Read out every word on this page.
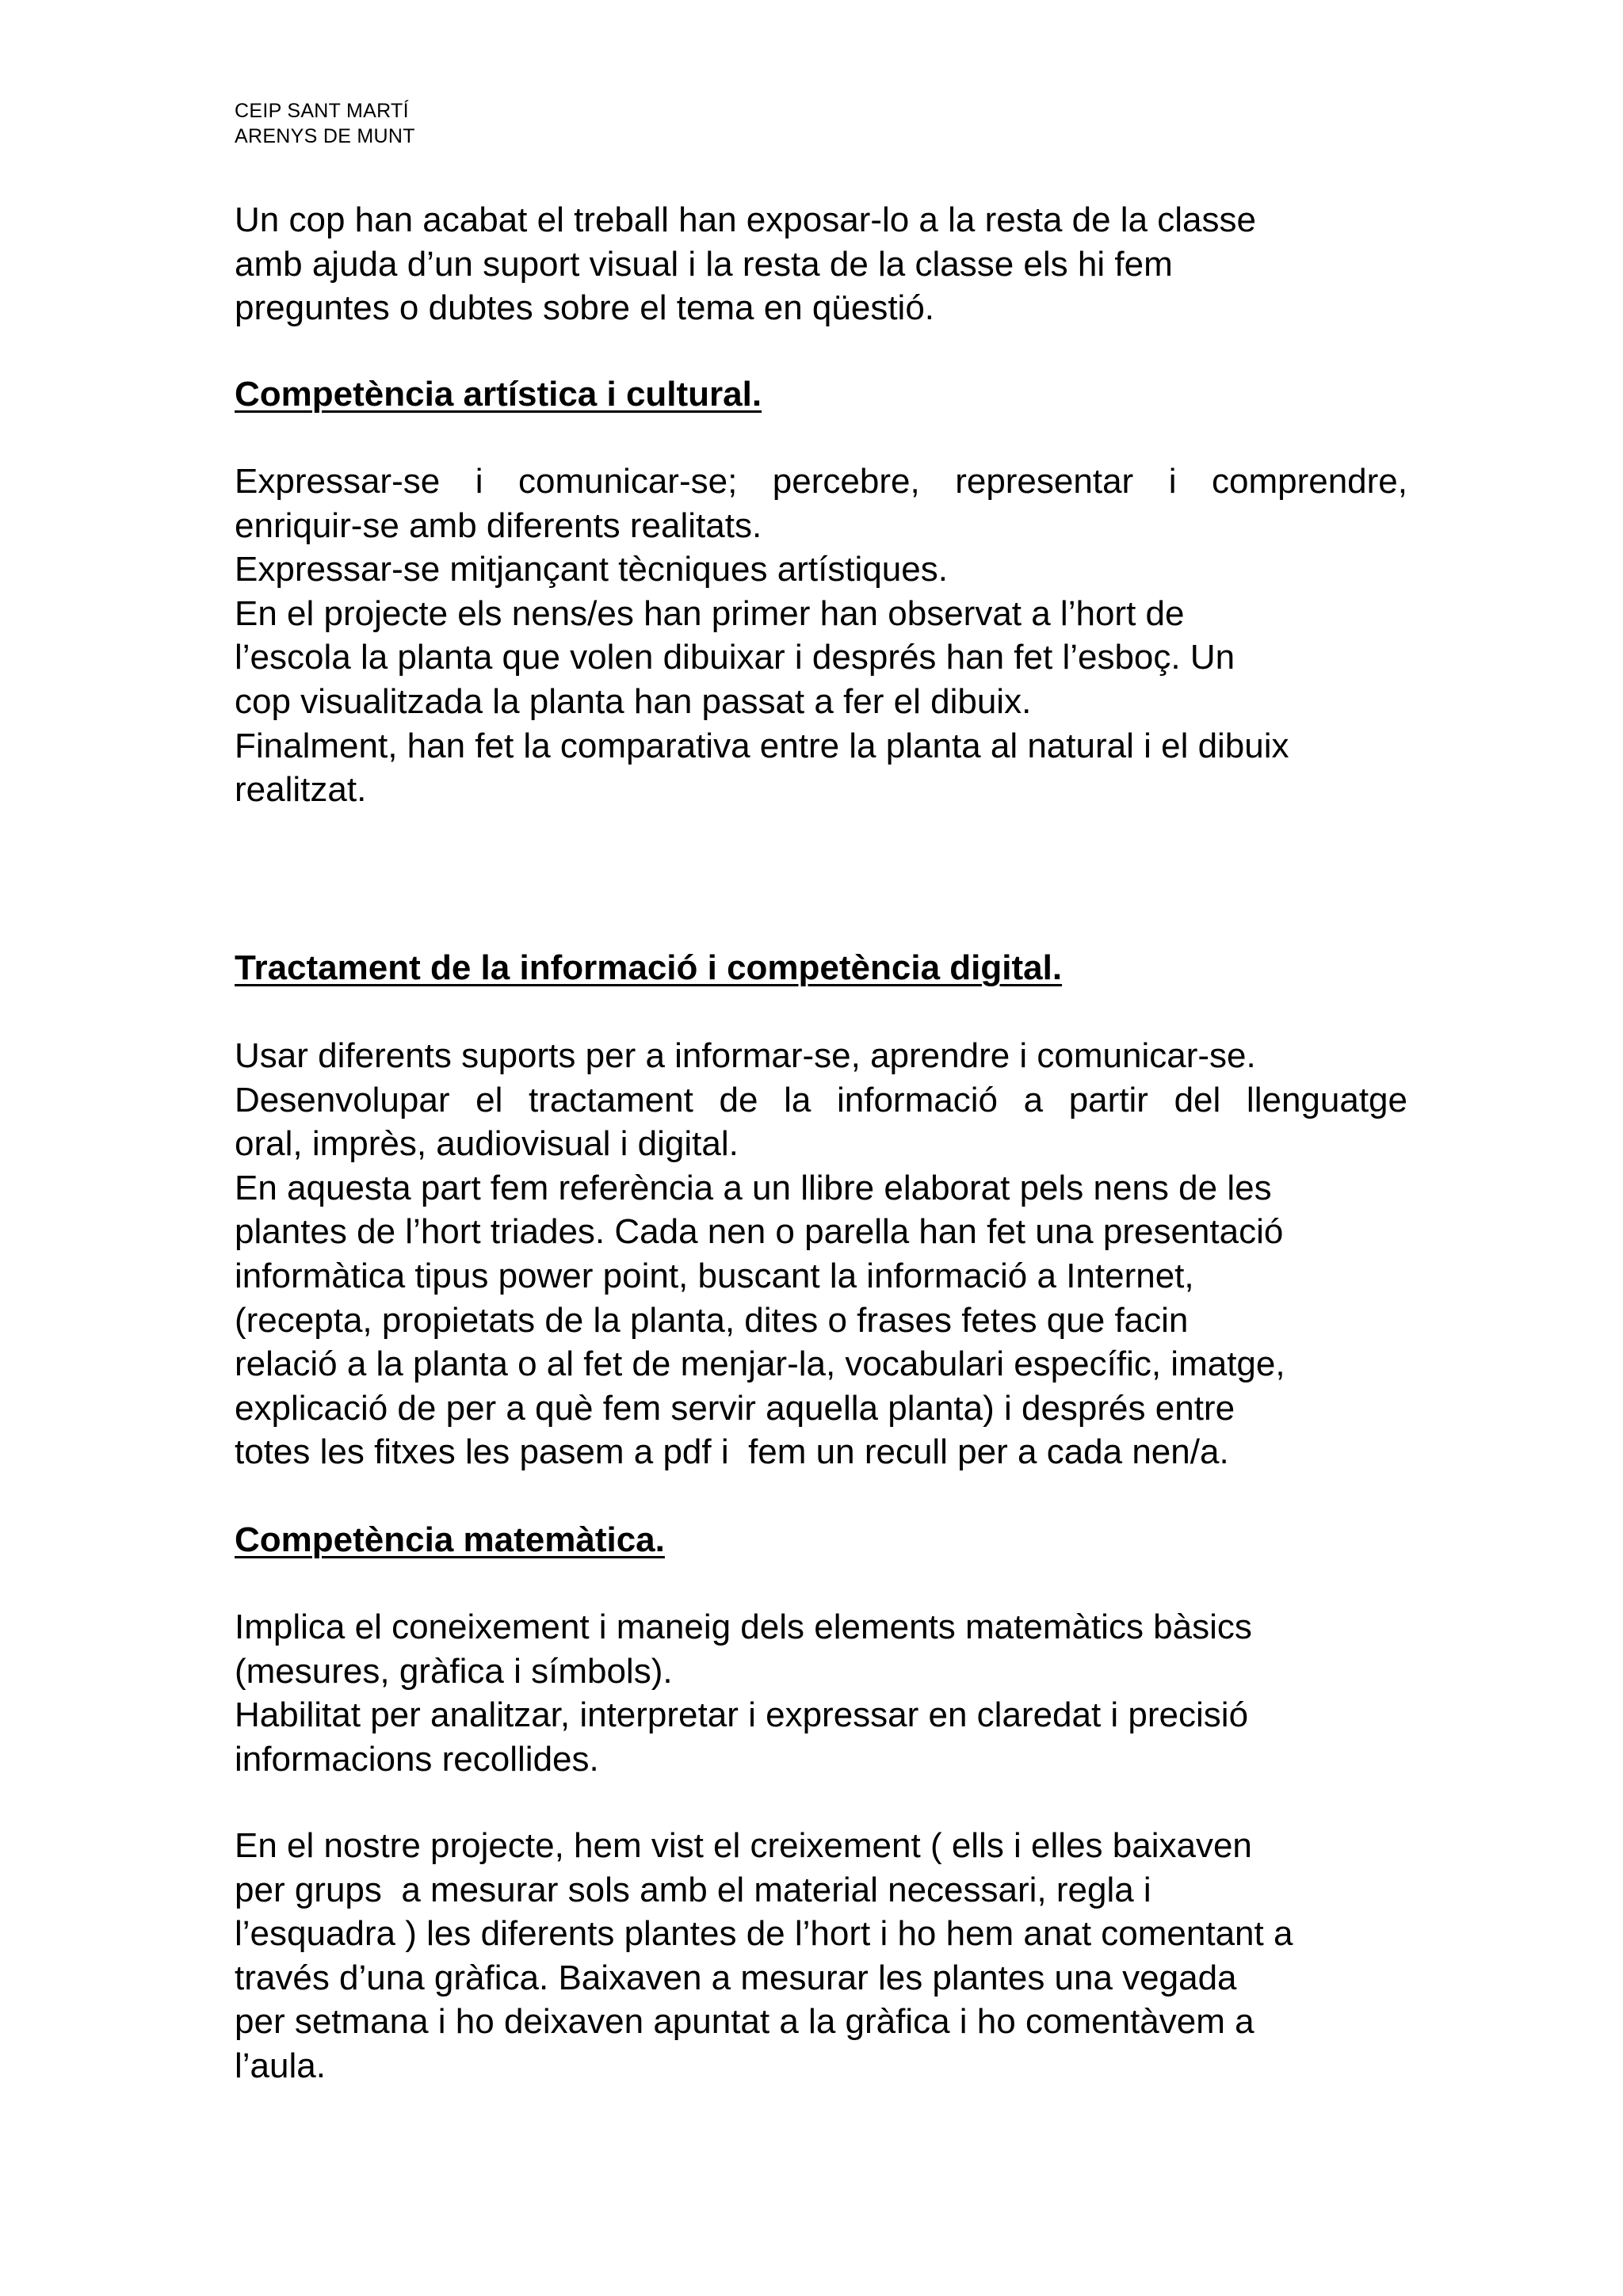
CEIP SANT MARTÍ
ARENYS DE MUNT
Un cop han acabat el treball han exposar-lo a la resta de la classe
amb ajuda d’un suport visual i la resta de la classe els hi fem
preguntes o dubtes sobre el tema en qüestió.
Competència artística i cultural.
Expressar-se i comunicar-se; percebre, representar i comprendre,
enriquir-se amb diferents realitats.
Expressar-se mitjançant tècniques artístiques.
En el projecte els nens/es han primer han observat a l’hort de
l’escola la planta que volen dibuixar i després han fet l’esboç. Un
cop visualitzada la planta han passat a fer el dibuix.
Finalment, han fet la comparativa entre la planta al natural i el dibuix
realitzat.
Tractament de la informació i competència digital.
Usar diferents suports per a informar-se, aprendre i comunicar-se.
Desenvolupar el tractament de la informació a partir del llenguatge
oral, imprès, audiovisual i digital.
En aquesta part fem referència a un llibre elaborat pels nens de les
plantes de l’hort triades. Cada nen o parella han fet una presentació
informàtica tipus power point, buscant la informació a Internet,
(recepta, propietats de la planta, dites o frases fetes que facin
relació a la planta o al fet de menjar-la, vocabulari específic, imatge,
explicació de per a què fem servir aquella planta) i després entre
totes les fitxes les pasem a pdf i  fem un recull per a cada nen/a.
Competència matemàtica.
Implica el coneixement i maneig dels elements matemàtics bàsics
(mesures, gràfica i símbols).
Habilitat per analitzar, interpretar i expressar en claredat i precisió
informacions recollides.
En el nostre projecte, hem vist el creixement ( ells i elles baixaven
per grups  a mesurar sols amb el material necessari, regla i
l’esquadra ) les diferents plantes de l’hort i ho hem anat comentant a
través d’una gràfica. Baixaven a mesurar les plantes una vegada
per setmana i ho deixaven apuntat a la gràfica i ho comentàvem a
l’aula.
